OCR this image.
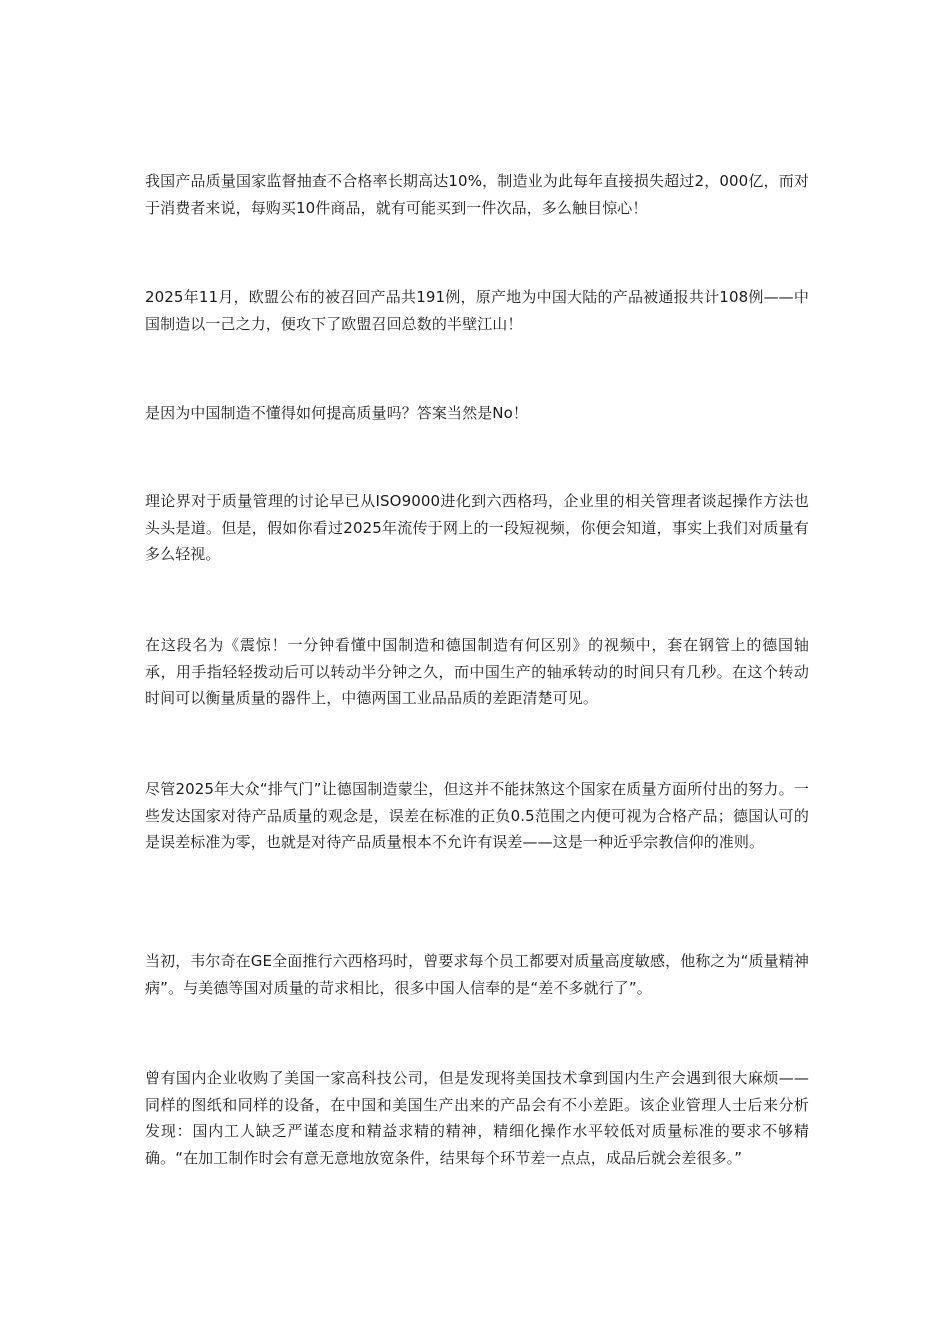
我国产品质量国家监督抽查不合格率长期高达10%，制造业为此每年直接损失超过2，000亿，而对于消费者来说，每购买10件商品，就有可能买到一件次品，多么触目惊心！

2025年11月，欧盟公布的被召回产品共191例，原产地为中国大陆的产品被通报共计108例——中国制造以一己之力，便攻下了欧盟召回总数的半壁江山！

是因为中国制造不懂得如何提高质量吗？答案当然是No！

理论界对于质量管理的讨论早已从ISO9000进化到六西格玛，企业里的相关管理者谈起操作方法也头头是道。但是，假如你看过2025年流传于网上的一段短视频，你便会知道，事实上我们对质量有多么轻视。

在这段名为《震惊！一分钟看懂中国制造和德国制造有何区别》的视频中，套在钢管上的德国轴承，用手指轻轻拨动后可以转动半分钟之久，而中国生产的轴承转动的时间只有几秒。在这个转动时间可以衡量质量的器件上，中德两国工业品品质的差距清楚可见。

尽管2025年大众“排气门”让德国制造蒙尘，但这并不能抹煞这个国家在质量方面所付出的努力。一些发达国家对待产品质量的观念是，误差在标准的正负0.5范围之内便可视为合格产品；德国认可的是误差标准为零，也就是对待产品质量根本不允许有误差——这是一种近乎宗教信仰的准则。

当初，韦尔奇在GE全面推行六西格玛时，曾要求每个员工都要对质量高度敏感，他称之为“质量精神病”。与美德等国对质量的苛求相比，很多中国人信奉的是“差不多就行了”。

曾有国内企业收购了美国一家高科技公司，但是发现将美国技术拿到国内生产会遇到很大麻烦——同样的图纸和同样的设备，在中国和美国生产出来的产品会有不小差距。该企业管理人士后来分析发现：国内工人缺乏严谨态度和精益求精的精神，精细化操作水平较低对质量标准的要求不够精确。“在加工制作时会有意无意地放宽条件，结果每个环节差一点点，成品后就会差很多。”
